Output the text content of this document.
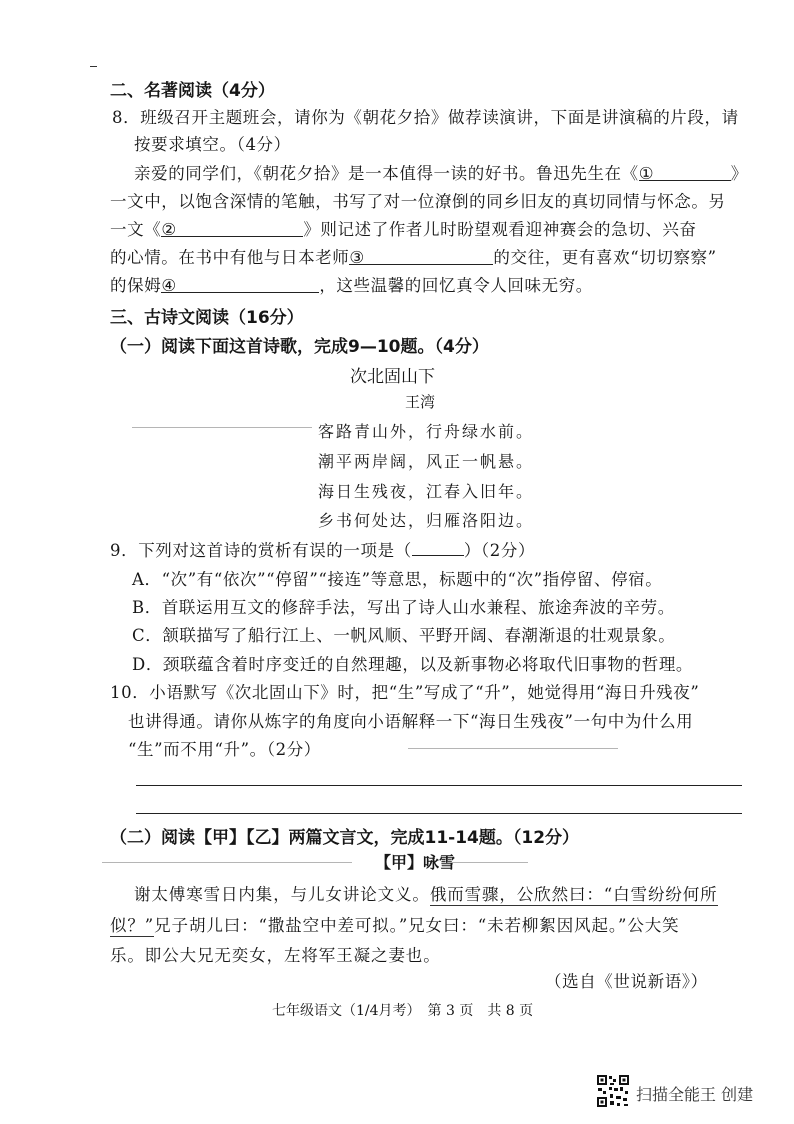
二、名著阅读（4分）
8．班级召开主题班会，请你为《朝花夕拾》做荐读演讲，下面是讲演稿的片段，请
按要求填空。（4分）
亲爱的同学们，《朝花夕拾》是一本值得一读的好书。鲁迅先生在《①	》
一文中，以饱含深情的笔触，书写了对一位潦倒的同乡旧友的真切同情与怀念。另
一文《②	》则记述了作者儿时盼望观看迎神赛会的急切、兴奋
的心情。在书中有他与日本老师③	的交往，更有喜欢“切切察察”
的保姆④	，这些温馨的回忆真令人回味无穷。
三、古诗文阅读（16分）
（一）阅读下面这首诗歌，完成9—10题。（4分）
次北固山下
王湾
客路青山外，行舟绿水前。
潮平两岸阔，风正一帆悬。
海日生残夜，江春入旧年。
乡书何处达，归雁洛阳边。
9．下列对这首诗的赏析有误的一项是（	）（2分）
A．“次”有“依次”“停留”“接连”等意思，标题中的“次”指停留、停宿。
B．首联运用互文的修辞手法，写出了诗人山水兼程、旅途奔波的辛劳。
C．颔联描写了船行江上、一帆风顺、平野开阔、春潮渐退的壮观景象。
D．颈联蕴含着时序变迁的自然理趣，以及新事物必将取代旧事物的哲理。
10．小语默写《次北固山下》时，把“生”写成了“升”，她觉得用“海日升残夜”
也讲得通。请你从炼字的角度向小语解释一下“海日生残夜”一句中为什么用
“生”而不用“升”。（2分）
（二）阅读【甲】【乙】两篇文言文，完成11-14题。（12分）
【甲】咏雪
谢太傅寒雪日内集，与儿女讲论文义。俄而雪骤，公欣然曰：“白雪纷纷何所
似？”兄子胡儿曰：“撒盐空中差可拟。”兄女曰：“未若柳絮因风起。”公大笑
乐。即公大兄无奕女，左将军王凝之妻也。
（选自《世说新语》）
七年级语文（1/4月考）　第 3 页　共 8 页
扫描全能王 创建
